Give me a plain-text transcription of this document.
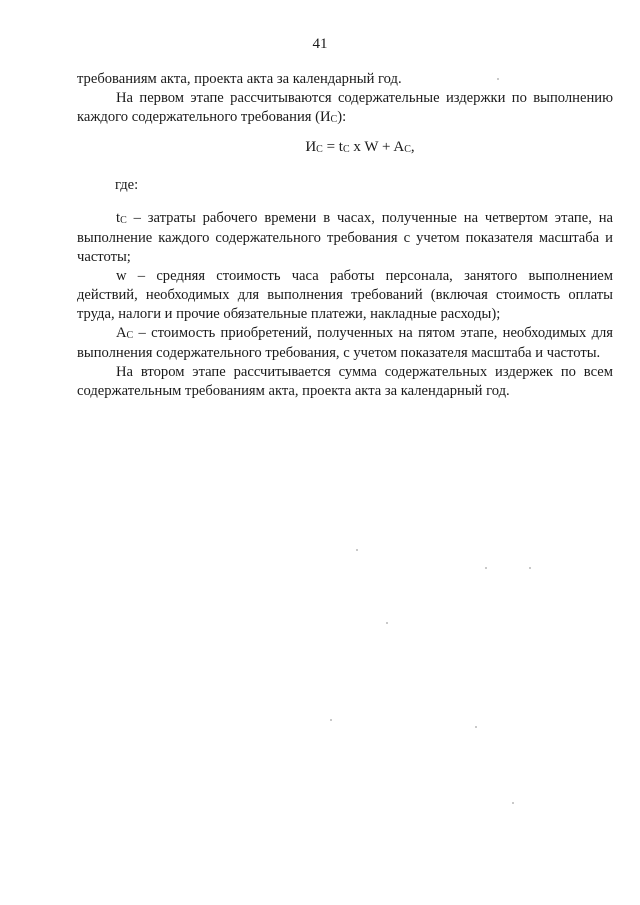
41

требованиям акта, проекта акта за календарный год.

На первом этапе рассчитываются содержательные издержки по выполнению каждого содержательного требования $(И_С)$:

$И_С = t_С$ x $W + A_С$,
где:

$t_С$ – затраты рабочего времени в часах, полученные на четвертом этапе, на выполнение каждого содержательного требования с учетом показателя масштаба и частоты;

w – средняя стоимость часа работы персонала, занятого выполнением действий, необходимых для выполнения требований (включая стоимость оплаты труда, налоги и прочие обязательные платежи, накладные расходы);

$A_С$ – стоимость приобретений, полученных на пятом этапе, необходимых для выполнения содержательного требования, с учетом показателя масштаба и частоты.

На втором этапе рассчитывается сумма содержательных издержек по всем содержательным требованиям акта, проекта акта за календарный год.
